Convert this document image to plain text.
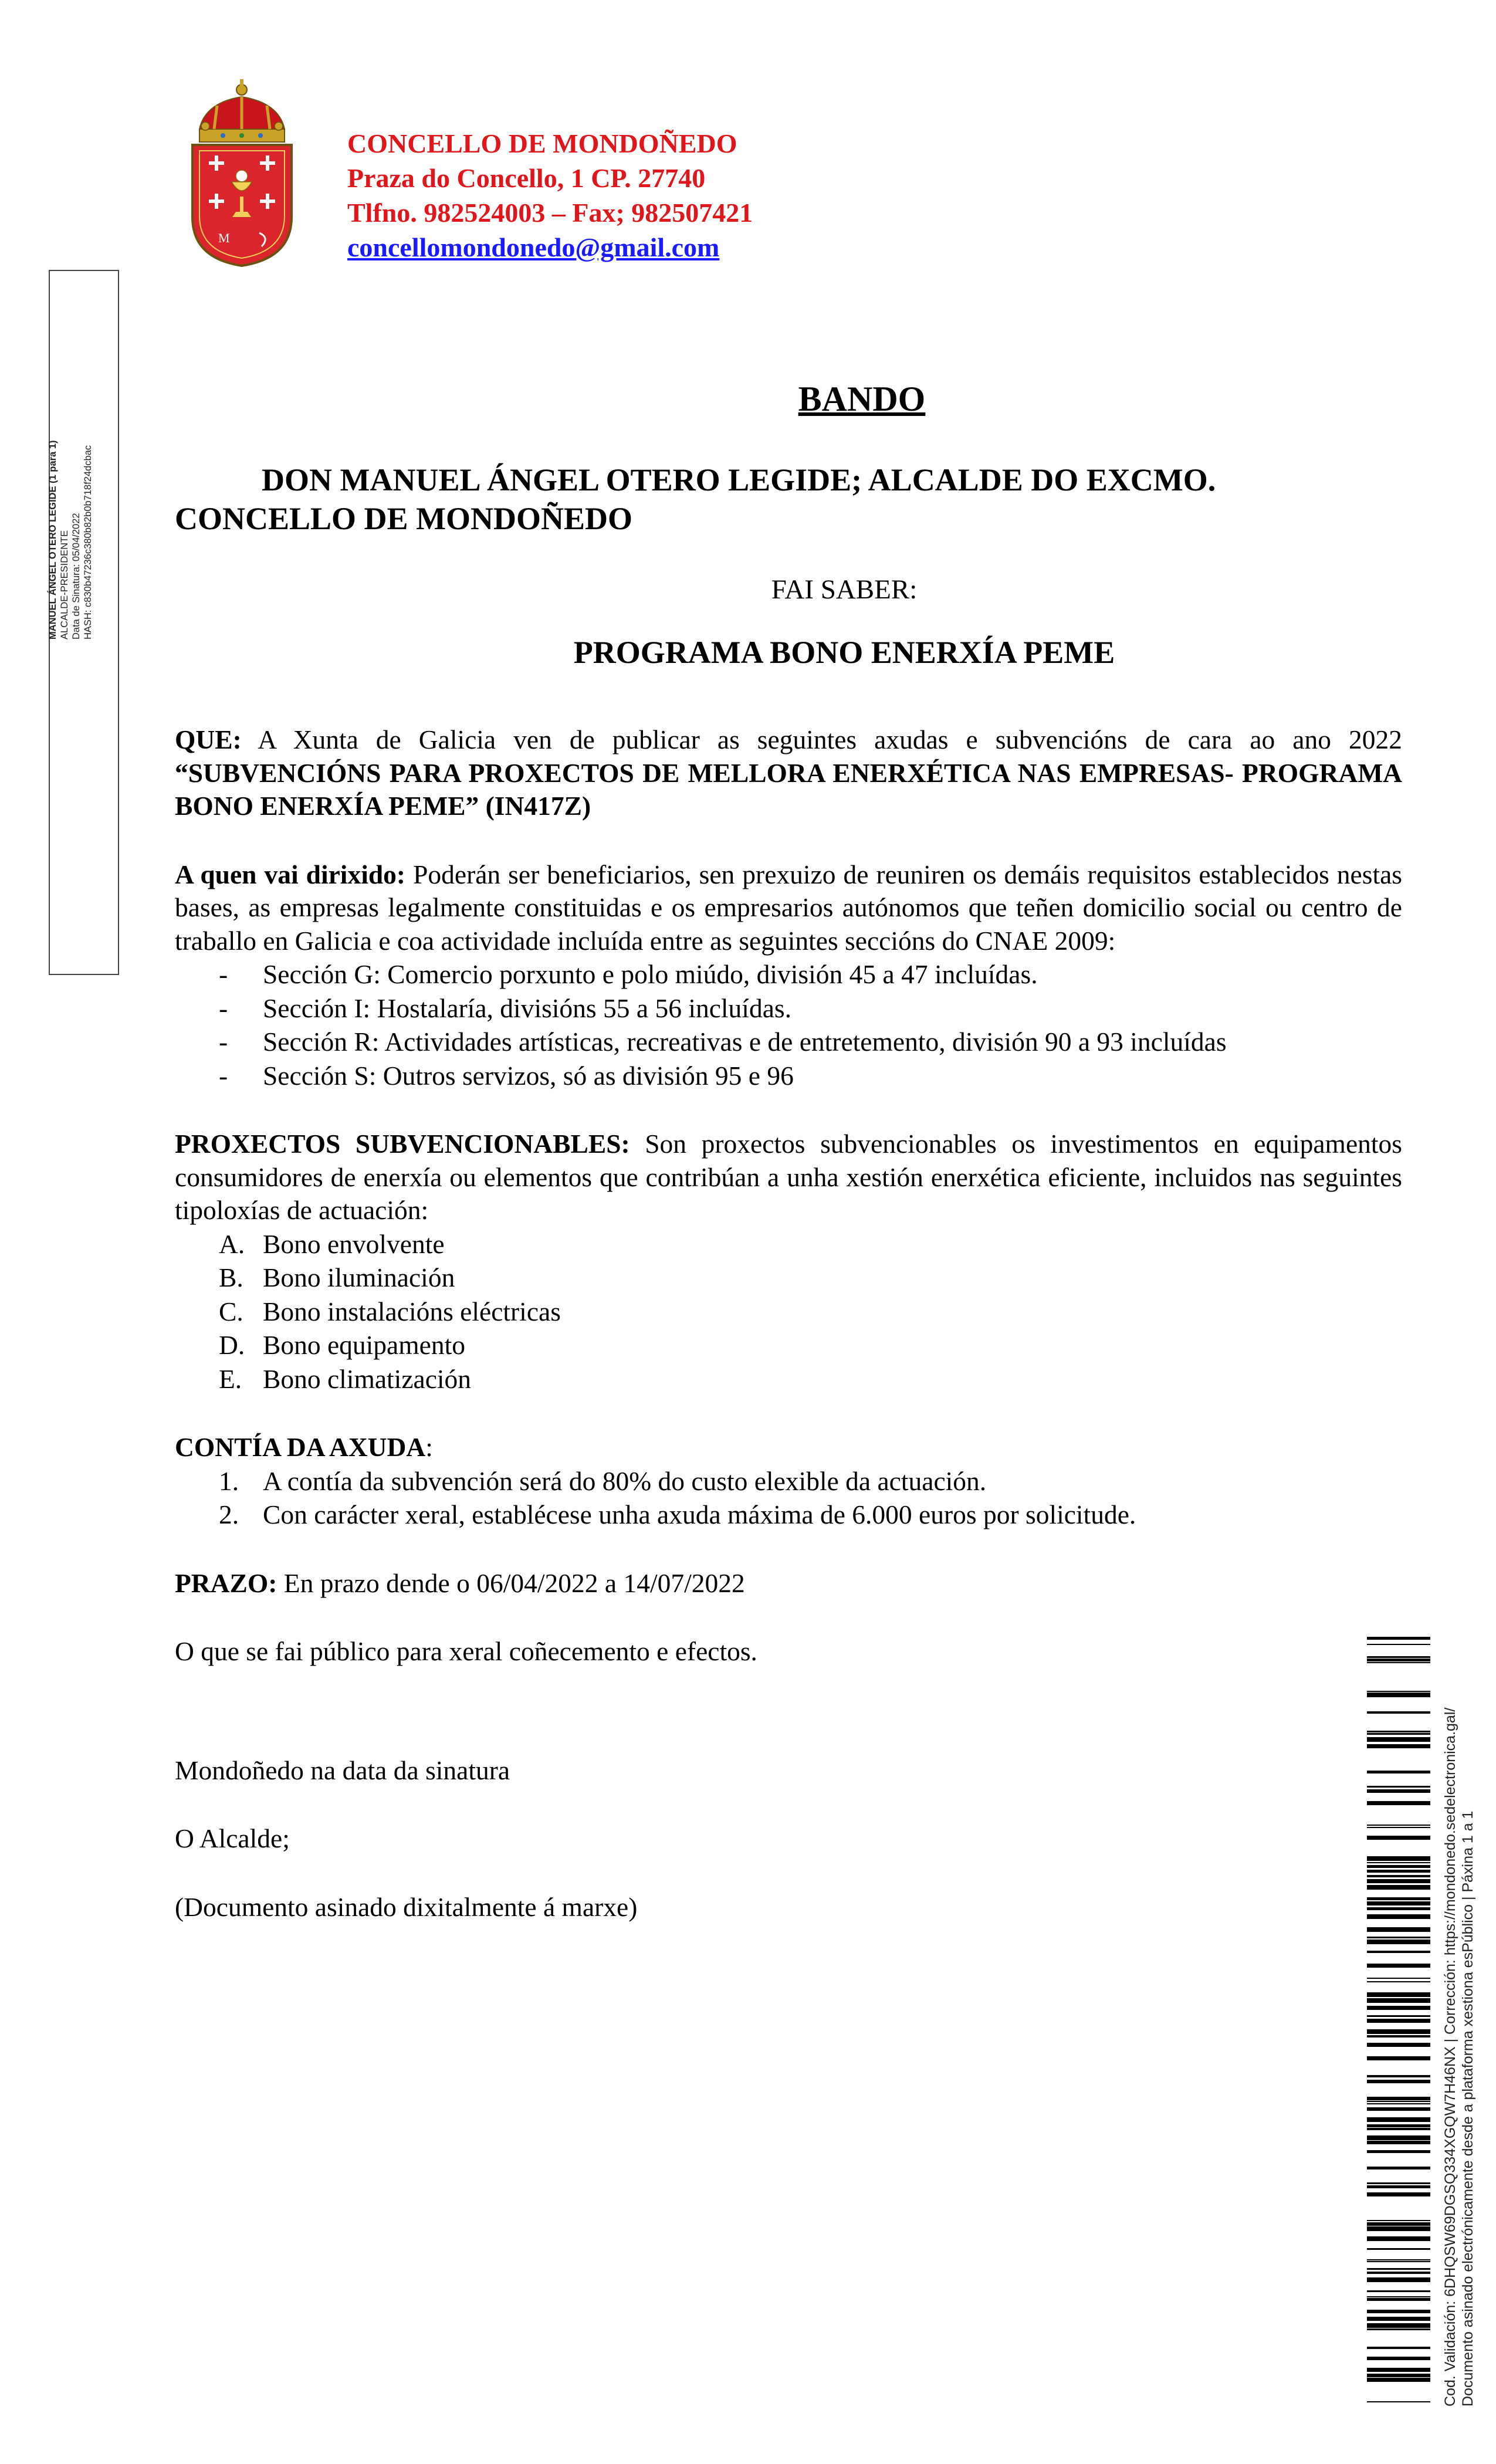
M
CONCELLO DE MONDOÑEDO
Praza do Concello, 1 CP. 27740
Tlfno. 982524003 – Fax; 982507421
concellomondonedo@gmail.com
MANUEL ÁNGEL OTERO LEGIDE (1 para 1) ALCALDE-PRESIDENTE Data de Sinatura: 05/04/2022 HASH: c830b47236c380b82b0b718f24dcbac

BANDO

DON MANUEL ÁNGEL OTERO LEGIDE; ALCALDE DO EXCMO. CONCELLO DE MONDOÑEDO

FAI SABER:

PROGRAMA BONO ENERXÍA PEME

QUE: A Xunta de Galicia ven de publicar as seguintes axudas e subvencións de cara ao ano 2022 “SUBVENCIÓNS PARA PROXECTOS DE MELLORA ENERXÉTICA NAS EMPRESAS- PROGRAMA BONO ENERXÍA PEME” (IN417Z)

A quen vai dirixido: Poderán ser beneficiarios, sen prexuizo de reuniren os demáis requisitos establecidos nestas bases, as empresas legalmente constituidas e os empresarios autónomos que teñen domicilio social ou centro de traballo en Galicia e coa actividade incluída entre as seguintes seccións do CNAE 2009:

- Sección G: Comercio porxunto e polo miúdo, división 45 a 47 incluídas.
- Sección I: Hostalaría, divisións 55 a 56 incluídas.
- Sección R: Actividades artísticas, recreativas e de entretemento, división 90 a 93 incluídas
- Sección S: Outros servizos, só as división 95 e 96

PROXECTOS SUBVENCIONABLES: Son proxectos subvencionables os investimentos en equipamentos consumidores de enerxía ou elementos que contribúan a unha xestión enerxética eficiente, incluidos nas seguintes tipoloxías de actuación:

A. Bono envolvente
B. Bono iluminación
C. Bono instalacións eléctricas
D. Bono equipamento
E. Bono climatización

CONTÍA DA AXUDA:

1. A contía da subvención será do 80% do custo elexible da actuación.
2. Con carácter xeral, establécese unha axuda máxima de 6.000 euros por solicitude.

PRAZO: En prazo dende o 06/04/2022 a 14/07/2022

O que se fai público para xeral coñecemento e efectos.

Mondoñedo na data da sinatura

O Alcalde;

(Documento asinado dixitalmente á marxe)	Cod. Validación: 6DHQSW69DGSQ334XGQW7H46NX | Corrección: https://mondonedo.sedelectronica.gal/ Documento asinado electrónicamente desde a plataforma xestiona esPúblico | Páxina 1 a 1
